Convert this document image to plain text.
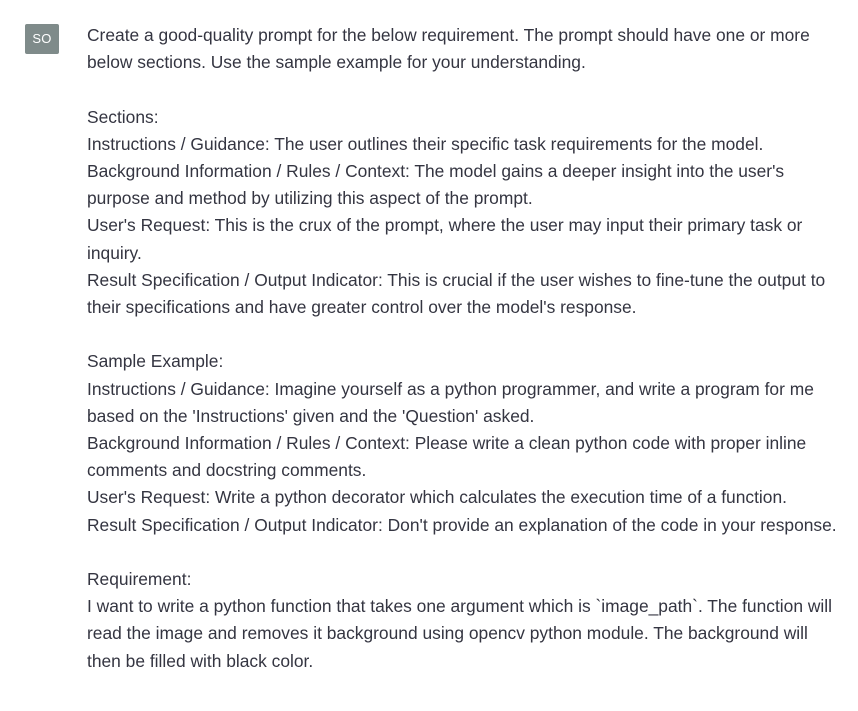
SO	Create a good-quality prompt for the below requirement. The prompt should have one or more below sections. Use the sample example for your understanding.

Sections:
Instructions / Guidance: The user outlines their specific task requirements for the model.
Background Information / Rules / Context: The model gains a deeper insight into the user's purpose and method by utilizing this aspect of the prompt.
User's Request: This is the crux of the prompt, where the user may input their primary task or inquiry.
Result Specification / Output Indicator: This is crucial if the user wishes to fine-tune the output to their specifications and have greater control over the model's response.
Sample Example:
Instructions / Guidance: Imagine yourself as a python programmer, and write a program for me based on the 'Instructions' given and the 'Question' asked.
Background Information / Rules / Context: Please write a clean python code with proper inline comments and docstring comments.
User's Request: Write a python decorator which calculates the execution time of a function.
Result Specification / Output Indicator: Don't provide an explanation of the code in your response.
Requirement:
I want to write a python function that takes one argument which is `image_path`. The function will read the image and removes it background using opencv python module. The background will then be filled with black color.
